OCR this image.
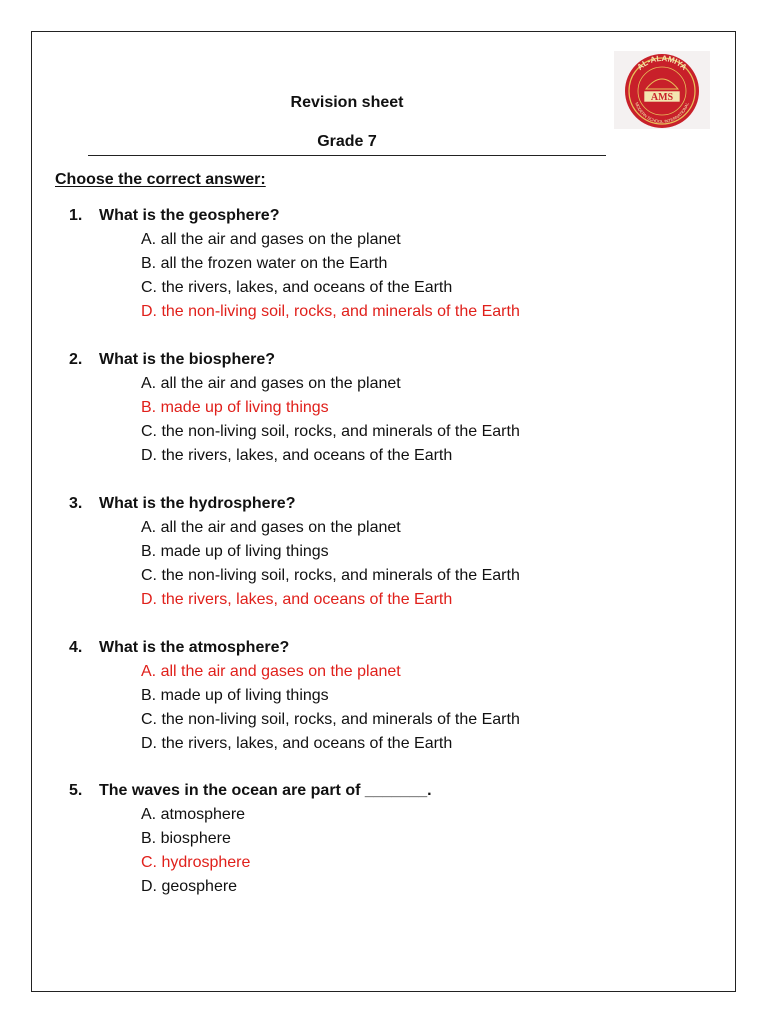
AL-ALAMIYA
MODERN SCHOOL INTERNATIONAL
AMS
Revision sheet
Grade 7
Choose the correct answer:
1. What is the geosphere?
A. all the air and gases on the planet
B. all the frozen water on the Earth
C. the rivers, lakes, and oceans of the Earth
D. the non-living soil, rocks, and minerals of the Earth
2. What is the biosphere?
A. all the air and gases on the planet
B. made up of living things
C. the non-living soil, rocks, and minerals of the Earth
D. the rivers, lakes, and oceans of the Earth
3. What is the hydrosphere?
A. all the air and gases on the planet
B. made up of living things
C. the non-living soil, rocks, and minerals of the Earth
D. the rivers, lakes, and oceans of the Earth
4. What is the atmosphere?
A. all the air and gases on the planet
B. made up of living things
C. the non-living soil, rocks, and minerals of the Earth
D. the rivers, lakes, and oceans of the Earth
5. The waves in the ocean are part of _______.
A. atmosphere
B. biosphere
C. hydrosphere
D. geosphere
